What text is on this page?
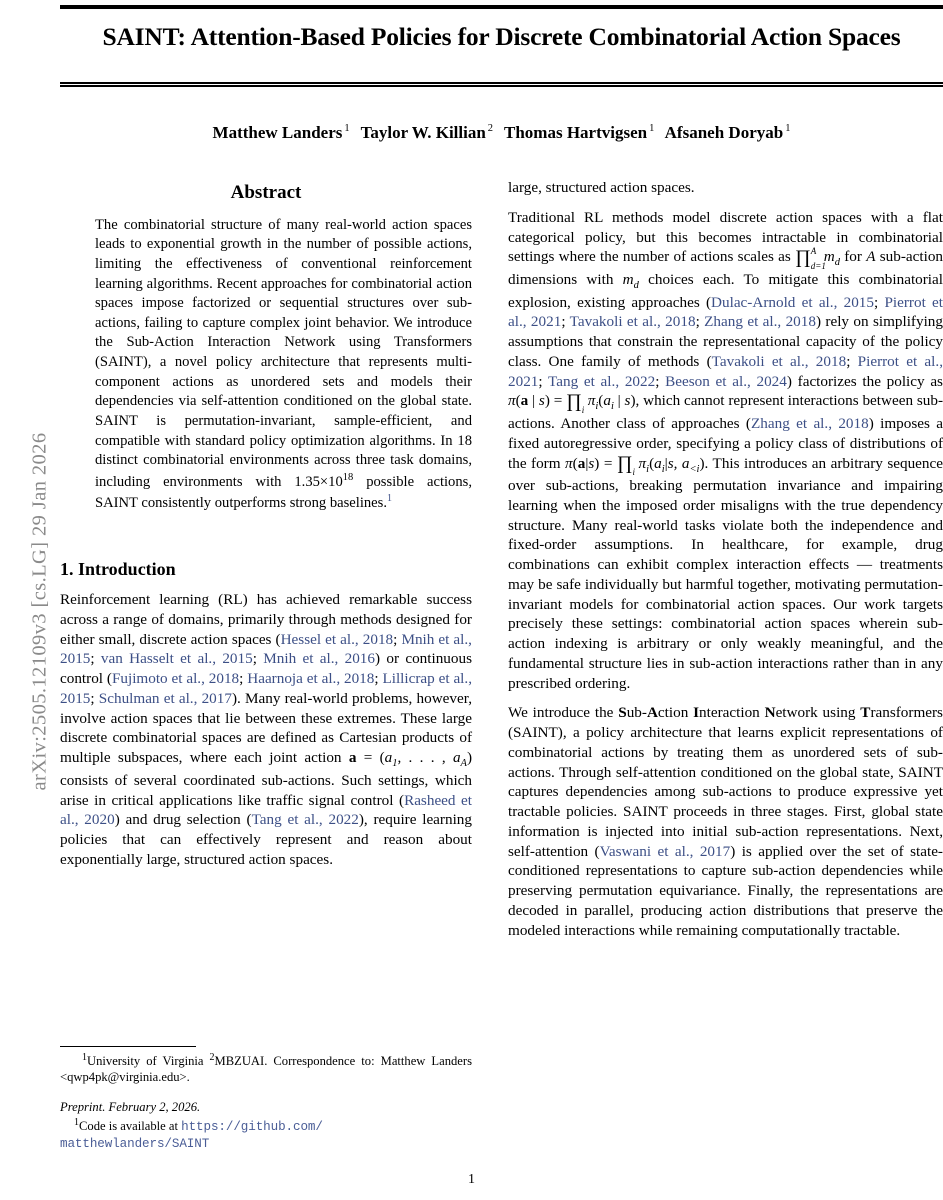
arXiv:2505.12109v3 [cs.LG] 29 Jan 2026
SAINT: Attention-Based Policies for Discrete Combinatorial Action Spaces
Matthew Landers $^1$ Taylor W. Killian $^2$ Thomas Hartvigsen $^1$ Afsaneh Doryab $^1$
Abstract

The combinatorial structure of many real-world action spaces leads to exponential growth in the number of possible actions, limiting the effectiveness of conventional reinforcement learning algorithms. Recent approaches for combinatorial action spaces impose factorized or sequential structures over sub-actions, failing to capture complex joint behavior. We introduce the Sub-Action Interaction Network using Transformers (SAINT), a novel policy architecture that represents multi-component actions as unordered sets and models their dependencies via self-attention conditioned on the global state. SAINT is permutation-invariant, sample-efficient, and compatible with standard policy optimization algorithms. In 18 distinct combinatorial environments across three task domains, including environments with $1.35\times 10^{18}$ possible actions, SAINT consistently outperforms strong baselines.$^1$

1. Introduction

Reinforcement learning (RL) has achieved remarkable success across a range of domains, primarily through methods designed for either small, discrete action spaces (Hessel et al., 2018; Mnih et al., 2015; van Hasselt et al., 2015; Mnih et al., 2016) or continuous control (Fujimoto et al., 2018; Haarnoja et al., 2018; Lillicrap et al., 2015; Schulman et al., 2017). Many real-world problems, however, involve action spaces that lie between these extremes. These large discrete combinatorial spaces are defined as Cartesian products of multiple subspaces, where each joint action $a = (a_1$, . . . , $a_A$) consists of several coordinated sub-actions. Such settings, which arise in critical applications like traffic signal control (Rasheed et al., 2020) and drug selection (Tang et al., 2022), require learning policies that can effectively represent and reason about exponentially large, structured action spaces.

large, structured action spaces.

Traditional RL methods model discrete action spaces with a flat categorical policy, but this becomes intractable in combinatorial settings where the number of actions scales as ∏ A
d=1
$m_d$ for A sub-action dimensions with $m_d$ choices each. To mitigate this combinatorial explosion, existing approaches (Dulac-Arnold et al., 2015; Pierrot et al., 2021; Tavakoli et al., 2018; Zhang et al., 2018) rely on simplifying assumptions that constrain the representational capacity of the policy class. One family of methods (Tavakoli et al., 2018; Pierrot et al., 2021; Tang et al., 2022; Beeson et al., 2024) factorizes the policy as π(a | s) = ∏ i
$\pi_i(a_i$ | s), which cannot represent interactions between sub-actions. Another class of approaches (Zhang et al., 2018) imposes a fixed autoregressive order, specifying a policy class of distributions of the form π(a|s) = ∏ i
$\pi_i(a_i|s$, $a_{<i}$). This introduces an arbitrary sequence over sub-actions, breaking permutation invariance and impairing learning when the imposed order misaligns with the true dependency structure. Many real-world tasks violate both the independence and fixed-order assumptions. In healthcare, for example, drug combinations can exhibit complex interaction effects — treatments may be safe individually but harmful together, motivating permutation-invariant models for combinatorial action spaces. Our work targets precisely these settings: combinatorial action spaces wherein sub-action indexing is arbitrary or only weakly meaningful, and the fundamental structure lies in sub-action interactions rather than in any prescribed ordering.

We introduce the Sub-Action Interaction Network using Transformers (SAINT), a policy architecture that learns explicit representations of combinatorial actions by treating them as unordered sets of sub-actions. Through self-attention conditioned on the global state, SAINT captures dependencies among sub-actions to produce expressive yet tractable policies. SAINT proceeds in three stages. First, global state information is injected into initial sub-action representations. Next, self-attention (Vaswani et al., 2017) is applied over the set of state-conditioned representations to capture sub-action dependencies while preserving permutation equivariance. Finally, the representations are decoded in parallel, producing action distributions that preserve the modeled interactions while remaining computationally tractable.

$^1$University of Virginia $^2$MBZUAI. Correspondence to: Matthew Landers <qwp4pk@virginia.edu>.

Preprint. February 2, 2026.

$^1$Code is available at https://github.com/
matthewlanders/SAINT

1
